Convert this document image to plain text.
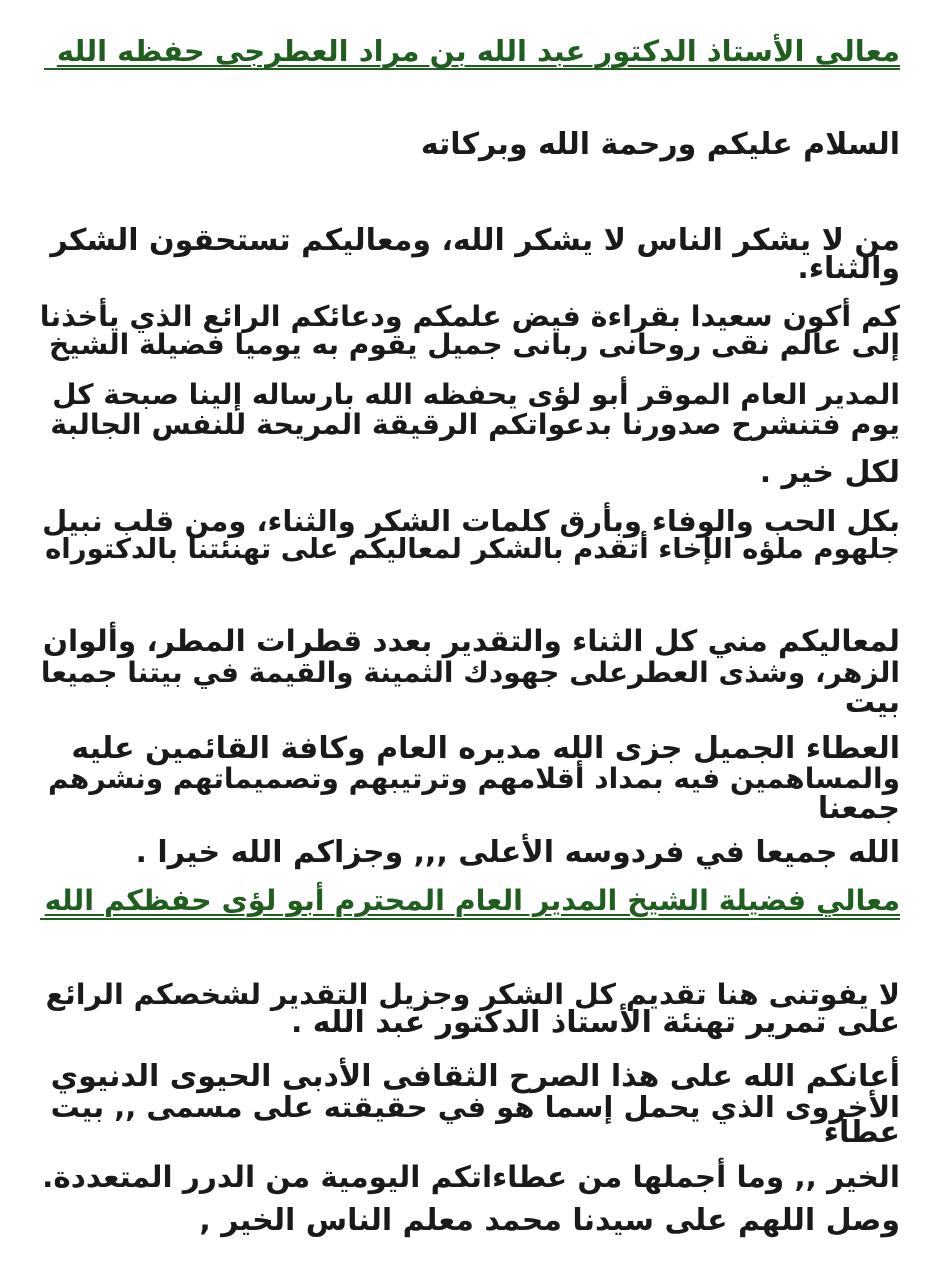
معالى الأستاذ الدكتور عبد الله بن مراد العطرجى حفظه الله
السلام عليكم ورحمة الله وبركاته
من لا يشكر الناس لا يشكر الله، ومعاليكم تستحقون الشكر
والثناء.
كم أكون سعيدا بقراءة فيض علمكم ودعائكم الرائع الذي يأخذنا
إلى عالم نقى روحانى ربانى جميل يقوم به يوميا فضيلة الشيخ
المدير العام الموقر أبو لؤى يحفظه الله بارساله إلينا صبحة كل
يوم فتنشرح صدورنا بدعواتكم الرقيقة المريحة للنفس الجالبة
لكل خير .
بكل الحب والوفاء وبأرق كلمات الشكر والثناء، ومن قلب نبيل
جلهوم ملؤه الإخاء أتقدم بالشكر لمعاليكم على تهنئتنا بالدكتوراه
لمعاليكم مني كل الثناء والتقدير بعدد قطرات المطر، وألوان
الزهر، وشذى العطرعلى جهودك الثمينة والقيمة في بيتنا جميعا
بيت
العطاء الجميل جزى الله مديره العام وكافة القائمين عليه
والمساهمين فيه بمداد أقلامهم وترتيبهم وتصميماتهم ونشرهم
جمعنا
الله جميعا في فردوسه الأعلى ,,, وجزاكم الله خيرا .
معالي فضيلة الشيخ المدير العام المحترم أبو لؤى حفظكم الله
لا يفوتنى هنا تقديم كل الشكر وجزيل التقدير لشخصكم الرائع
على تمرير تهنئة الأستاذ الدكتور عبد الله .
أعانكم الله على هذا الصرح الثقافى الأدبى الحيوى الدنيوي
الأخروى الذي يحمل إسما هو في حقيقته على مسمى ,, بيت
عطاء
الخير ,, وما أجملها من عطاءاتكم اليومية من الدرر المتعددة.
وصل اللهم على سيدنا محمد معلم الناس الخير ,
